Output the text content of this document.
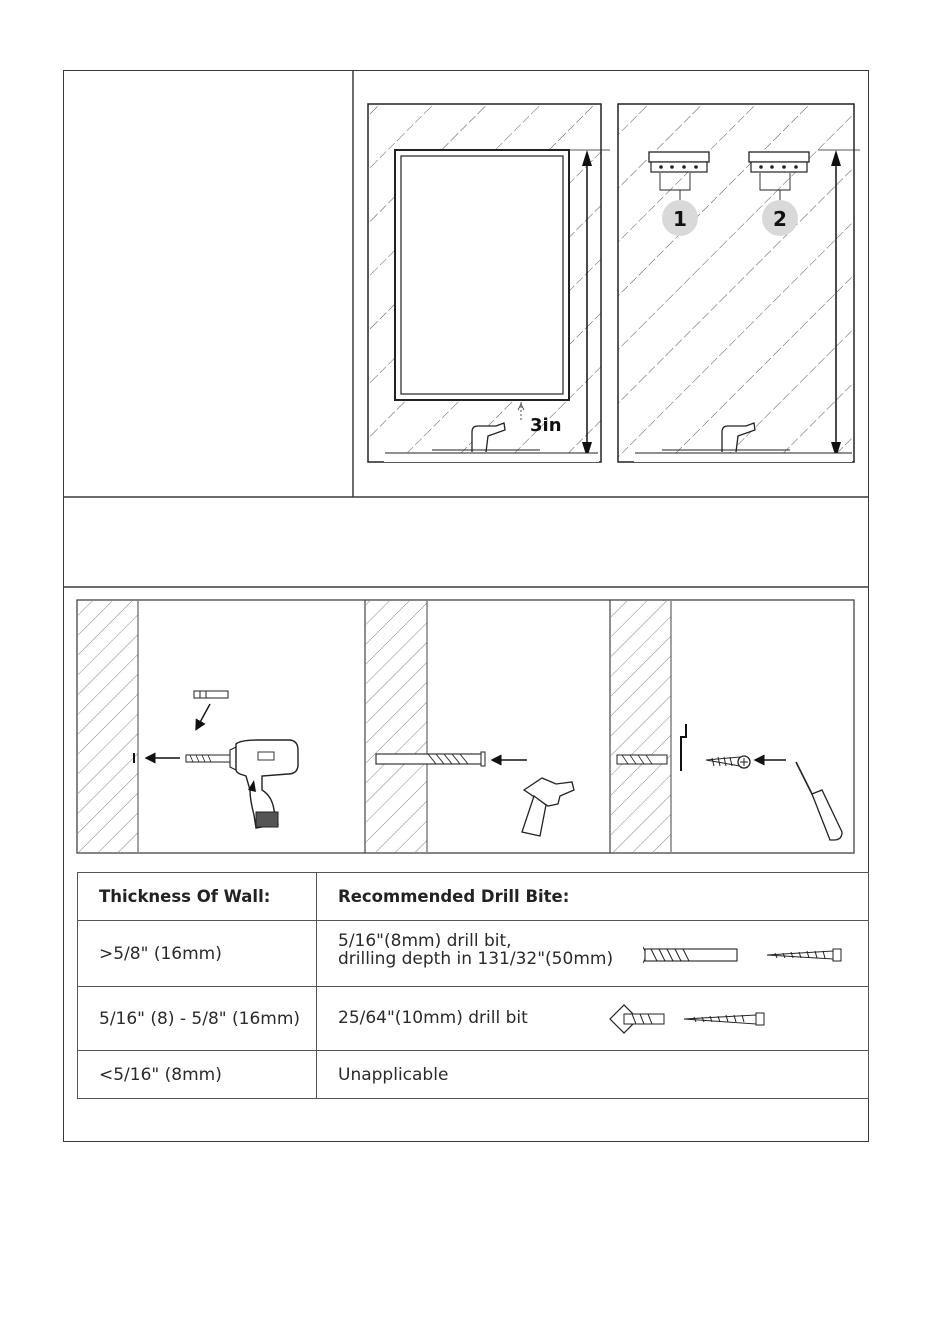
3in
1	2
Thickness Of Wall:	Recommended Drill Bite:
>5/8" (16mm)	5/16"(8mm) drill bit,
drilling depth in 131/32"(50mm)

5/16" (8) - 5/8" (16mm)	25/64"(10mm) drill bit

<5/16" (8mm)	Unapplicable
